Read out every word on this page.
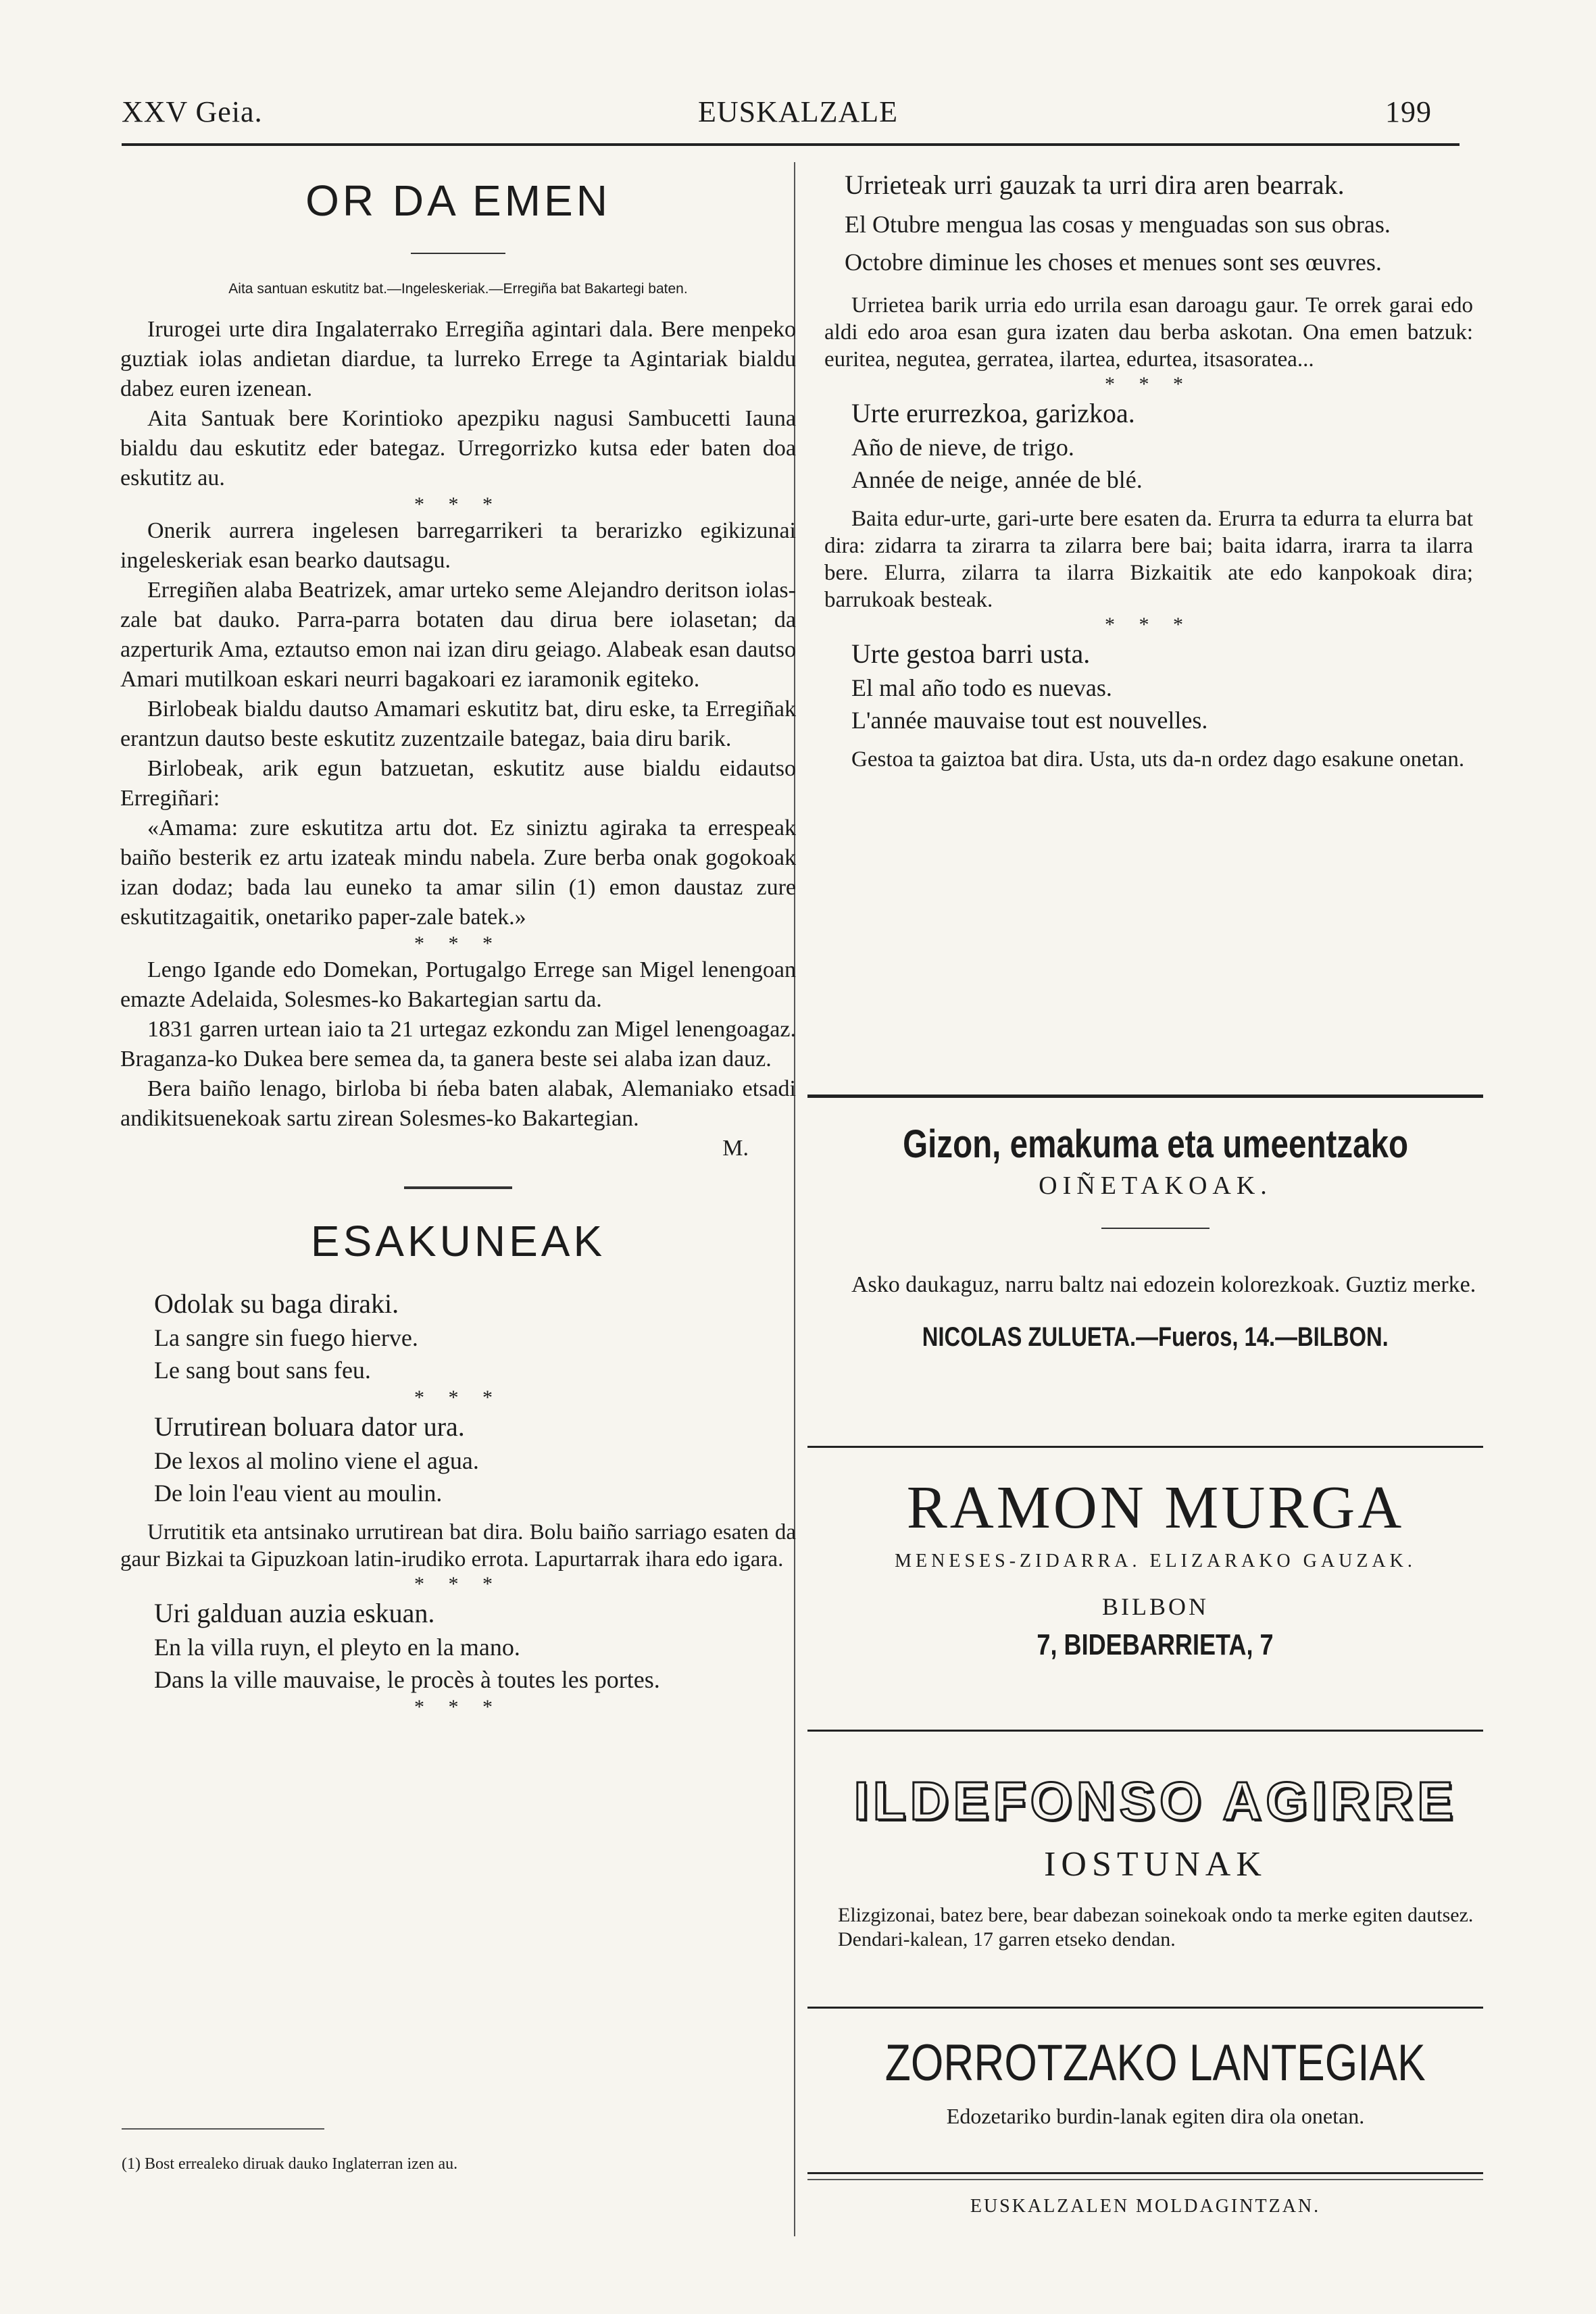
XXV Geia.	EUSKALZALE	199
OR DA EMEN

Aita santuan eskutitz bat.—Ingeleskeriak.—Erregiña bat Bakartegi baten.

Irurogei urte dira Ingalaterrako Erregiña agintari dala. Bere menpeko guztiak iolas andietan diardue, ta lurreko Errege ta Agintariak bialdu dabez euren izenean.

Aita Santuak bere Korintioko apezpiku nagusi Sambucetti Iauna bialdu dau eskutitz eder bategaz. Urregorrizko kutsa eder baten doa eskutitz au.

* * *

Onerik aurrera ingelesen barregarrikeri ta berarizko egikizunai ingeleskeriak esan bearko dautsagu.

Erregiñen alaba Beatrizek, amar urteko seme Alejandro deritson iolas-zale bat dauko. Parra-parra botaten dau dirua bere iolasetan; da azperturik Ama, eztautso emon nai izan diru geiago. Alabeak esan dautso Amari mutilkoan eskari neurri bagakoari ez iaramonik egiteko.

Birlobeak bialdu dautso Amamari eskutitz bat, diru eske, ta Erregiñak erantzun dautso beste eskutitz zuzentzaile bategaz, baia diru barik.

Birlobeak, arik egun batzuetan, eskutitz ause bialdu eidautso Erregiñari:

«Amama: zure eskutitza artu dot. Ez siniztu agiraka ta errespeak baiño besterik ez artu izateak mindu nabela. Zure berba onak gogokoak izan dodaz; bada lau euneko ta amar silin (1) emon daustaz zure eskutitzagaitik, onetariko paper-zale batek.»

* * *

Lengo Igande edo Domekan, Portugalgo Errege san Migel lenengoan emazte Adelaida, Solesmes-ko Bakartegian sartu da.

1831 garren urtean iaio ta 21 urtegaz ezkondu zan Migel lenengoagaz. Braganza-ko Dukea bere semea da, ta ganera beste sei alaba izan dauz.

Bera baiño lenago, birloba bi ńeba baten alabak, Alemaniako etsadi andikitsuenekoak sartu zirean Solesmes-ko Bakartegian.

M.

ESAKUNEAK

Odolak su baga diraki.

La sangre sin fuego hierve.

Le sang bout sans feu.

* * *

Urrutirean boluara dator ura.

De lexos al molino viene el agua.

De loin l'eau vient au moulin.

Urrutitik eta antsinako urrutirean bat dira. Bolu baiño sarriago esaten da gaur Bizkai ta Gipuzkoan latin-irudiko errota. Lapurtarrak ihara edo igara.

* * *

Uri galduan auzia eskuan.

En la villa ruyn, el pleyto en la mano.

Dans la ville mauvaise, le procès à toutes les portes.

* * *

(1) Bost errealeko diruak dauko Inglaterran izen au.

Urrieteak urri gauzak ta urri dira aren bearrak.

El Otubre mengua las cosas y menguadas son sus obras.

Octobre diminue les choses et menues sont ses œuvres.

Urrietea barik urria edo urrila esan daroagu gaur. Te orrek garai edo aldi edo aroa esan gura izaten dau berba askotan. Ona emen batzuk: euritea, negutea, gerratea, ilartea, edurtea, itsasoratea...

* * *

Urte erurrezkoa, garizkoa.

Año de nieve, de trigo.

Année de neige, année de blé.

Baita edur-urte, gari-urte bere esaten da. Erurra ta edurra ta elurra bat dira: zidarra ta zirarra ta zilarra bere bai; baita idarra, irarra ta ilarra bere. Elurra, zilarra ta ilarra Bizkaitik ate edo kanpokoak dira; barrukoak besteak.

* * *

Urte gestoa barri usta.

El mal año todo es nuevas.

L'année mauvaise tout est nouvelles.

Gestoa ta gaiztoa bat dira. Usta, uts da-n ordez dago esakune onetan.

Gizon, emakuma eta umeentzako

OIÑETAKOAK.

Asko daukaguz, narru baltz nai edozein kolorezkoak. Guztiz merke.

NICOLAS ZULUETA.—Fueros, 14.—BILBON.

RAMON MURGA

MENESES-ZIDARRA. ELIZARAKO GAUZAK.

BILBON

7, BIDEBARRIETA, 7

ILDEFONSO AGIRRE

IOSTUNAK

Elizgizonai, batez bere, bear dabezan soinekoak ondo ta merke egiten dautsez.

Dendari-kalean, 17 garren etseko dendan.

ZORROTZAKO LANTEGIAK

Edozetariko burdin-lanak egiten dira ola onetan.

EUSKALZALEN MOLDAGINTZAN.
